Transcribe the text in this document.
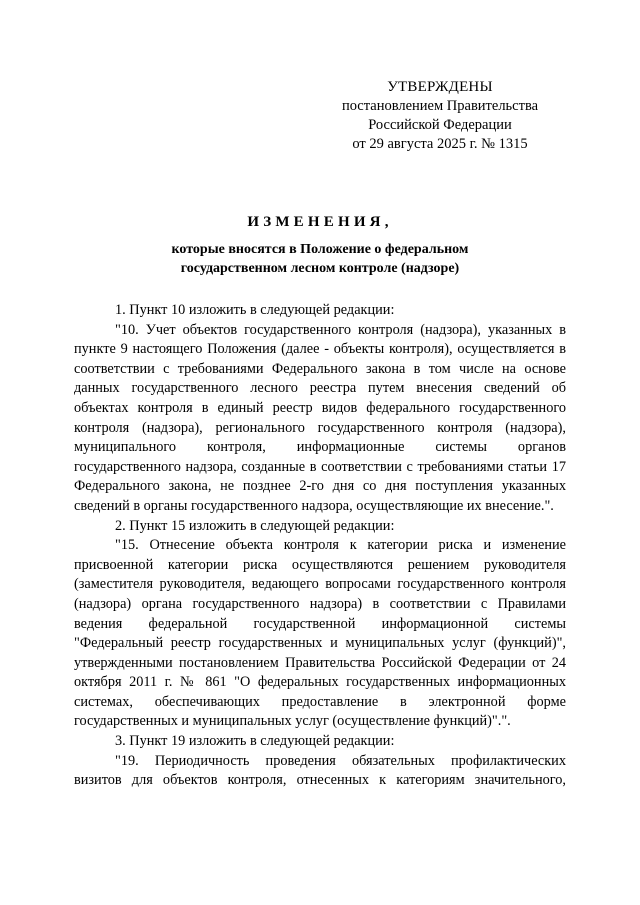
УТВЕРЖДЕНЫ
постановлением Правительства
Российской Федерации
от 29 августа 2025 г. № 1315
ИЗМЕНЕНИЯ,
которые вносятся в Положение о федеральном
государственном лесном контроле (надзоре)

1. Пункт 10 изложить в следующей редакции:

"10. Учет объектов государственного контроля (надзора), указанных в пункте 9 настоящего Положения (далее - объекты контроля), осуществляется в соответствии с требованиями Федерального закона в том числе на основе данных государственного лесного реестра путем внесения сведений об объектах контроля в единый реестр видов федерального государственного контроля (надзора), регионального государственного контроля (надзора), муниципального контроля, информационные системы органов государственного надзора, созданные в соответствии с требованиями статьи 17 Федерального закона, не позднее 2-го дня со дня поступления указанных сведений в органы государственного надзора, осуществляющие их внесение.".

2. Пункт 15 изложить в следующей редакции:

"15. Отнесение объекта контроля к категории риска и изменение присвоенной категории риска осуществляются решением руководителя (заместителя руководителя, ведающего вопросами государственного контроля (надзора) органа государственного надзора) в соответствии с Правилами ведения федеральной государственной информационной системы "Федеральный реестр государственных и муниципальных услуг (функций)", утвержденными постановлением Правительства Российской Федерации от 24 октября 2011 г. № 861 "О федеральных государственных информационных системах, обеспечивающих предоставление в электронной форме государственных и муниципальных услуг (осуществление функций)".".

3. Пункт 19 изложить в следующей редакции:

"19. Периодичность проведения обязательных профилактических визитов для объектов контроля, отнесенных к категориям значительного,
